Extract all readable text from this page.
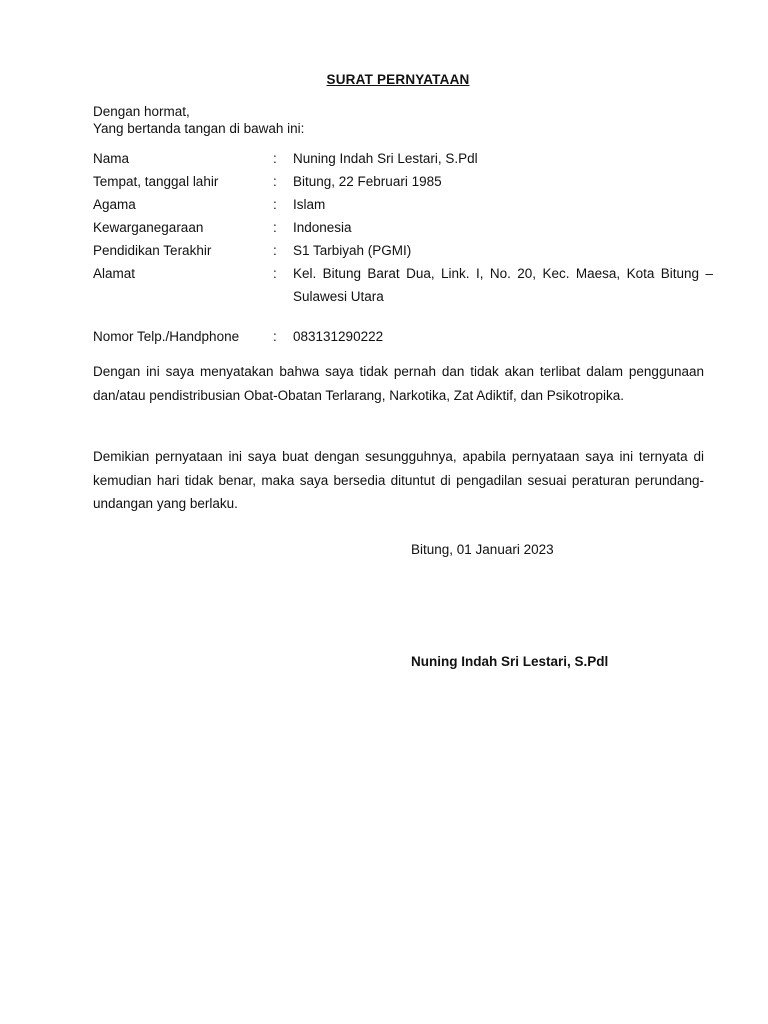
SURAT PERNYATAAN
Dengan hormat,
Yang bertanda tangan di bawah ini:
Nama	: Nuning Indah Sri Lestari, S.Pdl
Tempat, tanggal lahir	: Bitung, 22 Februari 1985
Agama	: Islam
Kewarganegaraan	: Indonesia
Pendidikan Terakhir	: S1 Tarbiyah (PGMI)
Alamat	: Kel. Bitung Barat Dua, Link. I, No. 20, Kec. Maesa, Kota Bitung – Sulawesi Utara
Nomor Telp./Handphone	: 083131290222
Dengan ini saya menyatakan bahwa saya tidak pernah dan tidak akan terlibat dalam penggunaan dan/atau pendistribusian Obat-Obatan Terlarang, Narkotika, Zat Adiktif, dan Psikotropika.
Demikian pernyataan ini saya buat dengan sesungguhnya, apabila pernyataan saya ini ternyata di kemudian hari tidak benar, maka saya bersedia dituntut di pengadilan sesuai peraturan perundang-undangan yang berlaku.
Bitung, 01 Januari 2023
Nuning Indah Sri Lestari, S.Pdl
